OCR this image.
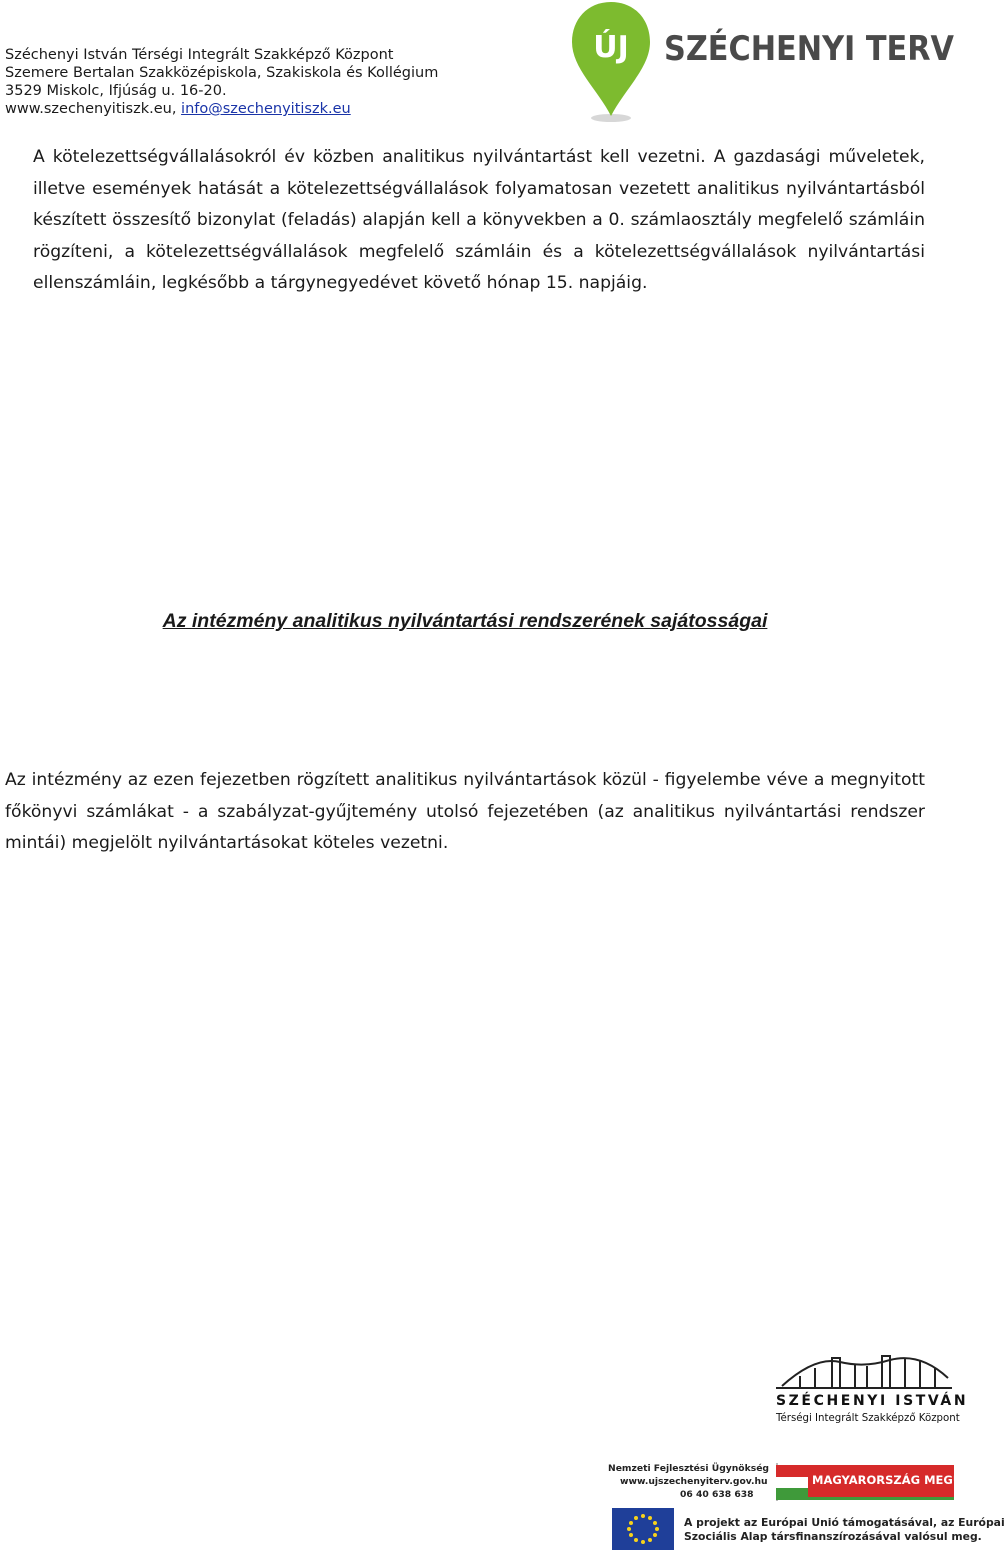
Széchenyi István Térségi Integrált Szakképző Központ
Szemere Bertalan Szakközépiskola, Szakiskola és Kollégium
3529 Miskolc, Ifjúság u. 16-20.
www.szechenyitiszk.eu, info@szechenyitiszk.eu
ÚJ SZÉCHENYI TERV

A kötelezettségvállalásokról év közben analitikus nyilvántartást kell vezetni. A gazdasági műveletek, illetve események hatását a kötelezettségvállalások folyamatosan vezetett analitikus nyilvántartásból készített összesítő bizonylat (feladás) alapján kell a könyvekben a 0. számlaosztály megfelelő számláin rögzíteni, a kötelezettségvállalások megfelelő számláin és a kötelezettségvállalások nyilvántartási ellenszámláin, legkésőbb a tárgynegyedévet követő hónap 15. napjáig.

Az intézmény analitikus nyilvántartási rendszerének sajátosságai

Az intézmény az ezen fejezetben rögzített analitikus nyilvántartások közül - figyelembe véve a megnyitott főkönyvi számlákat - a szabályzat-gyűjtemény utolsó fejezetében (az analitikus nyilvántartási rendszer mintái) megjelölt nyilvántartásokat köteles vezetni.

SZÉCHENYI ISTVÁN
Térségi Integrált Szakképző Központ
Nemzeti Fejlesztési Ügynökség
www.ujszechenyiterv.gov.hu
06 40 638 638
MAGYARORSZÁG MEGÚJUL
A projekt az Európai Unió támogatásával, az Európai
Szociális Alap társfinanszírozásával valósul meg.
